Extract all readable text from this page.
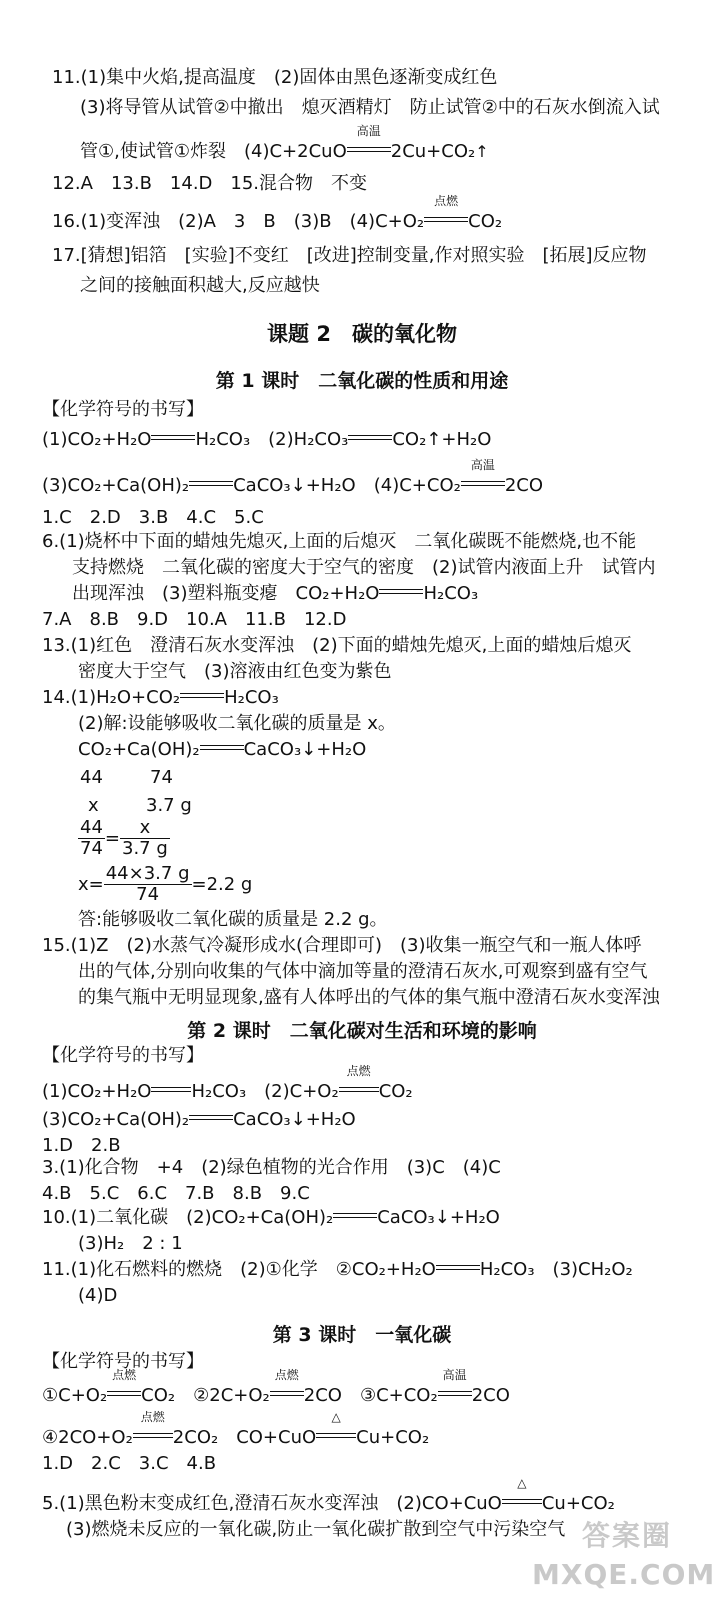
11.(1)集中火焰,提高温度　(2)固体由黑色逐渐变成红色
(3)将导管从试管②中撤出　熄灭酒精灯　防止试管②中的石灰水倒流入试
管①,使试管①炸裂　(4)C+2CuO
高温
2Cu+CO₂↑
12.A　13.B　14.D　15.混合物　不变
16.(1)变浑浊　(2)A　3　B　(3)B　(4)C+O₂
点燃
CO₂
17.[猜想]铝箔　[实验]不变红　[改进]控制变量,作对照实验　[拓展]反应物
之间的接触面积越大,反应越快
课题 2　碳的氧化物
第 1 课时　二氧化碳的性质和用途
【化学符号的书写】
(1)CO₂+H₂O H₂CO₃　(2)H₂CO₃ CO₂↑+H₂O
(3)CO₂+Ca(OH)₂ CaCO₃↓+H₂O　(4)C+CO₂
高温
2CO
1.C　2.D　3.B　4.C　5.C
6.(1)烧杯中下面的蜡烛先熄灭,上面的后熄灭　二氧化碳既不能燃烧,也不能
支持燃烧　二氧化碳的密度大于空气的密度　(2)试管内液面上升　试管内
出现浑浊　(3)塑料瓶变瘪　CO₂+H₂O H₂CO₃
7.A　8.B　9.D　10.A　11.B　12.D
13.(1)红色　澄清石灰水变浑浊　(2)下面的蜡烛先熄灭,上面的蜡烛后熄灭
密度大于空气　(3)溶液由红色变为紫色
14.(1)H₂O+CO₂ H₂CO₃
(2)解:设能够吸收二氧化碳的质量是 x。
CO₂+Ca(OH)₂ CaCO₃↓+H₂O
44	74
x	3.7 g
$\frac{44}{74} = \frac{x}{3.7 g}$
$x= \frac{44\times 3.7 g}{74} =2.2$ g
答:能够吸收二氧化碳的质量是 2.2 g。
15.(1)Z　(2)水蒸气冷凝形成水(合理即可)　(3)收集一瓶空气和一瓶人体呼
出的气体,分别向收集的气体中滴加等量的澄清石灰水,可观察到盛有空气
的集气瓶中无明显现象,盛有人体呼出的气体的集气瓶中澄清石灰水变浑浊
第 2 课时　二氧化碳对生活和环境的影响
【化学符号的书写】
(1)CO₂+H₂O H₂CO₃　(2)C+O₂
点燃
CO₂
(3)CO₂+Ca(OH)₂ CaCO₃↓+H₂O
1.D　2.B
3.(1)化合物　+4　(2)绿色植物的光合作用　(3)C　(4)C
4.B　5.C　6.C　7.B　8.B　9.C
10.(1)二氧化碳　(2)CO₂+Ca(OH)₂ CaCO₃↓+H₂O
(3)H₂　2 : 1
11.(1)化石燃料的燃烧　(2)①化学　②CO₂+H₂O H₂CO₃　(3)CH₂O₂
(4)D
第 3 课时　一氧化碳
【化学符号的书写】
①C+O₂
点燃
CO₂　②2C+O₂
点燃
2CO　③C+CO₂
高温
2CO
④2CO+O₂
点燃
2CO₂　CO+CuO
△
Cu+CO₂
1.D　2.C　3.C　4.B
5.(1)黑色粉末变成红色,澄清石灰水变浑浊　(2)CO+CuO
△
Cu+CO₂
(3)燃烧未反应的一氧化碳,防止一氧化碳扩散到空气中污染空气 答案圈
MXQE.COM
